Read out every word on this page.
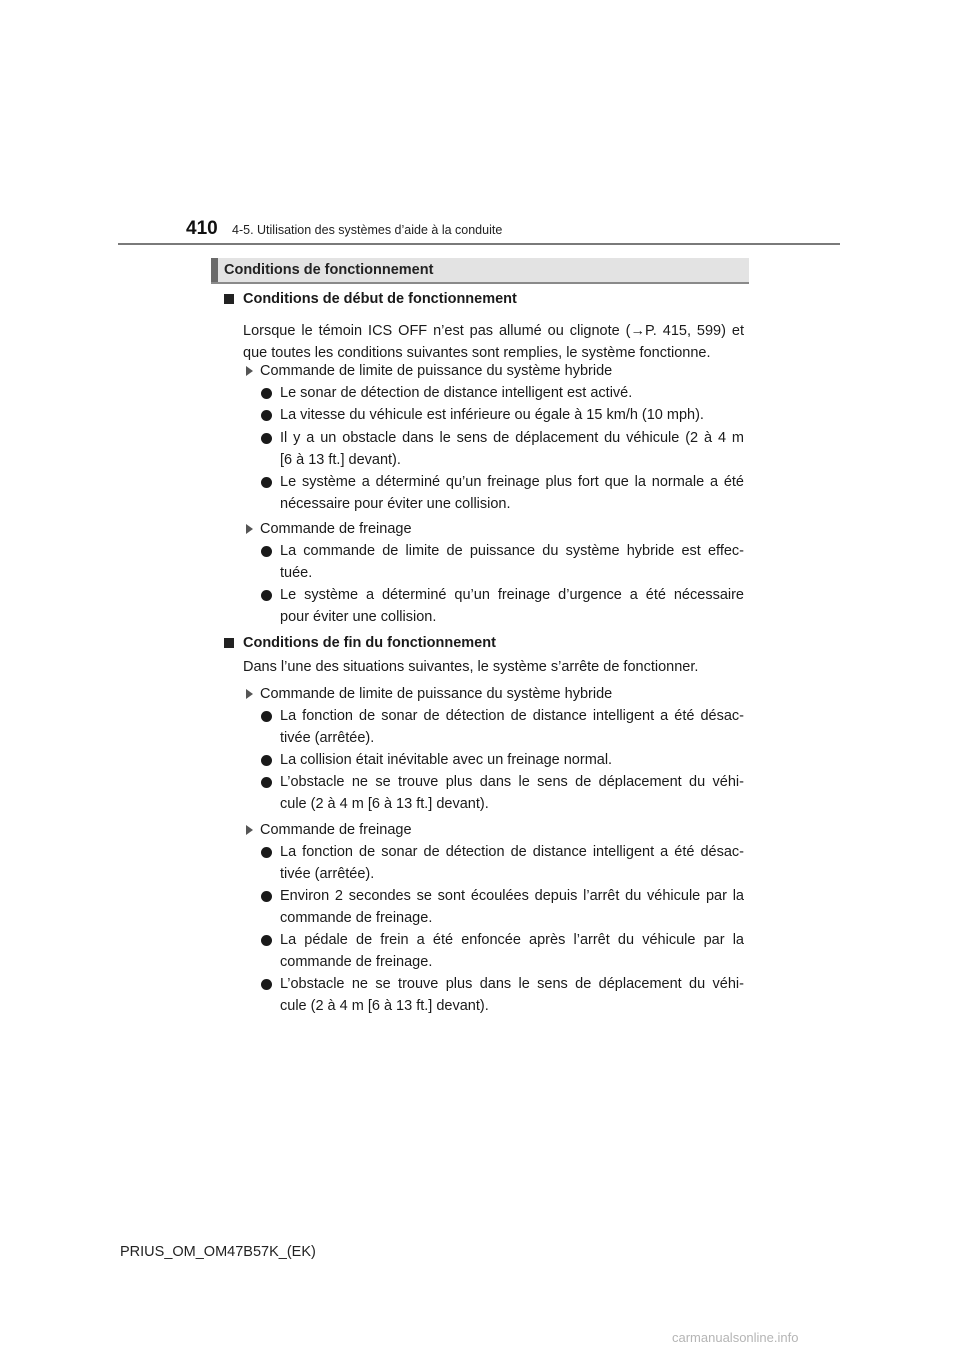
410 4-5. Utilisation des systèmes d’aide à la conduite
Conditions de fonctionnement
Conditions de début de fonctionnement
Lorsque le témoin ICS OFF n’est pas allumé ou clignote (→P. 415, 599) et
que toutes les conditions suivantes sont remplies, le système fonctionne.
Commande de limite de puissance du système hybride
Le sonar de détection de distance intelligent est activé.
La vitesse du véhicule est inférieure ou égale à 15 km/h (10 mph).
Il y a un obstacle dans le sens de déplacement du véhicule (2 à 4 m
[6 à 13 ft.] devant).
Le système a déterminé qu’un freinage plus fort que la normale a été
nécessaire pour éviter une collision.
Commande de freinage
La commande de limite de puissance du système hybride est effec-
tuée.
Le système a déterminé qu’un freinage d’urgence a été nécessaire
pour éviter une collision.
Conditions de fin du fonctionnement
Dans l’une des situations suivantes, le système s’arrête de fonctionner.
Commande de limite de puissance du système hybride
La fonction de sonar de détection de distance intelligent a été désac-
tivée (arrêtée).
La collision était inévitable avec un freinage normal.
L’obstacle ne se trouve plus dans le sens de déplacement du véhi-
cule (2 à 4 m [6 à 13 ft.] devant).
Commande de freinage
La fonction de sonar de détection de distance intelligent a été désac-
tivée (arrêtée).
Environ 2 secondes se sont écoulées depuis l’arrêt du véhicule par la
commande de freinage.
La pédale de frein a été enfoncée après l’arrêt du véhicule par la
commande de freinage.
L’obstacle ne se trouve plus dans le sens de déplacement du véhi-
cule (2 à 4 m [6 à 13 ft.] devant).
PRIUS_OM_OM47B57K_(EK)
carmanualsonline.info
